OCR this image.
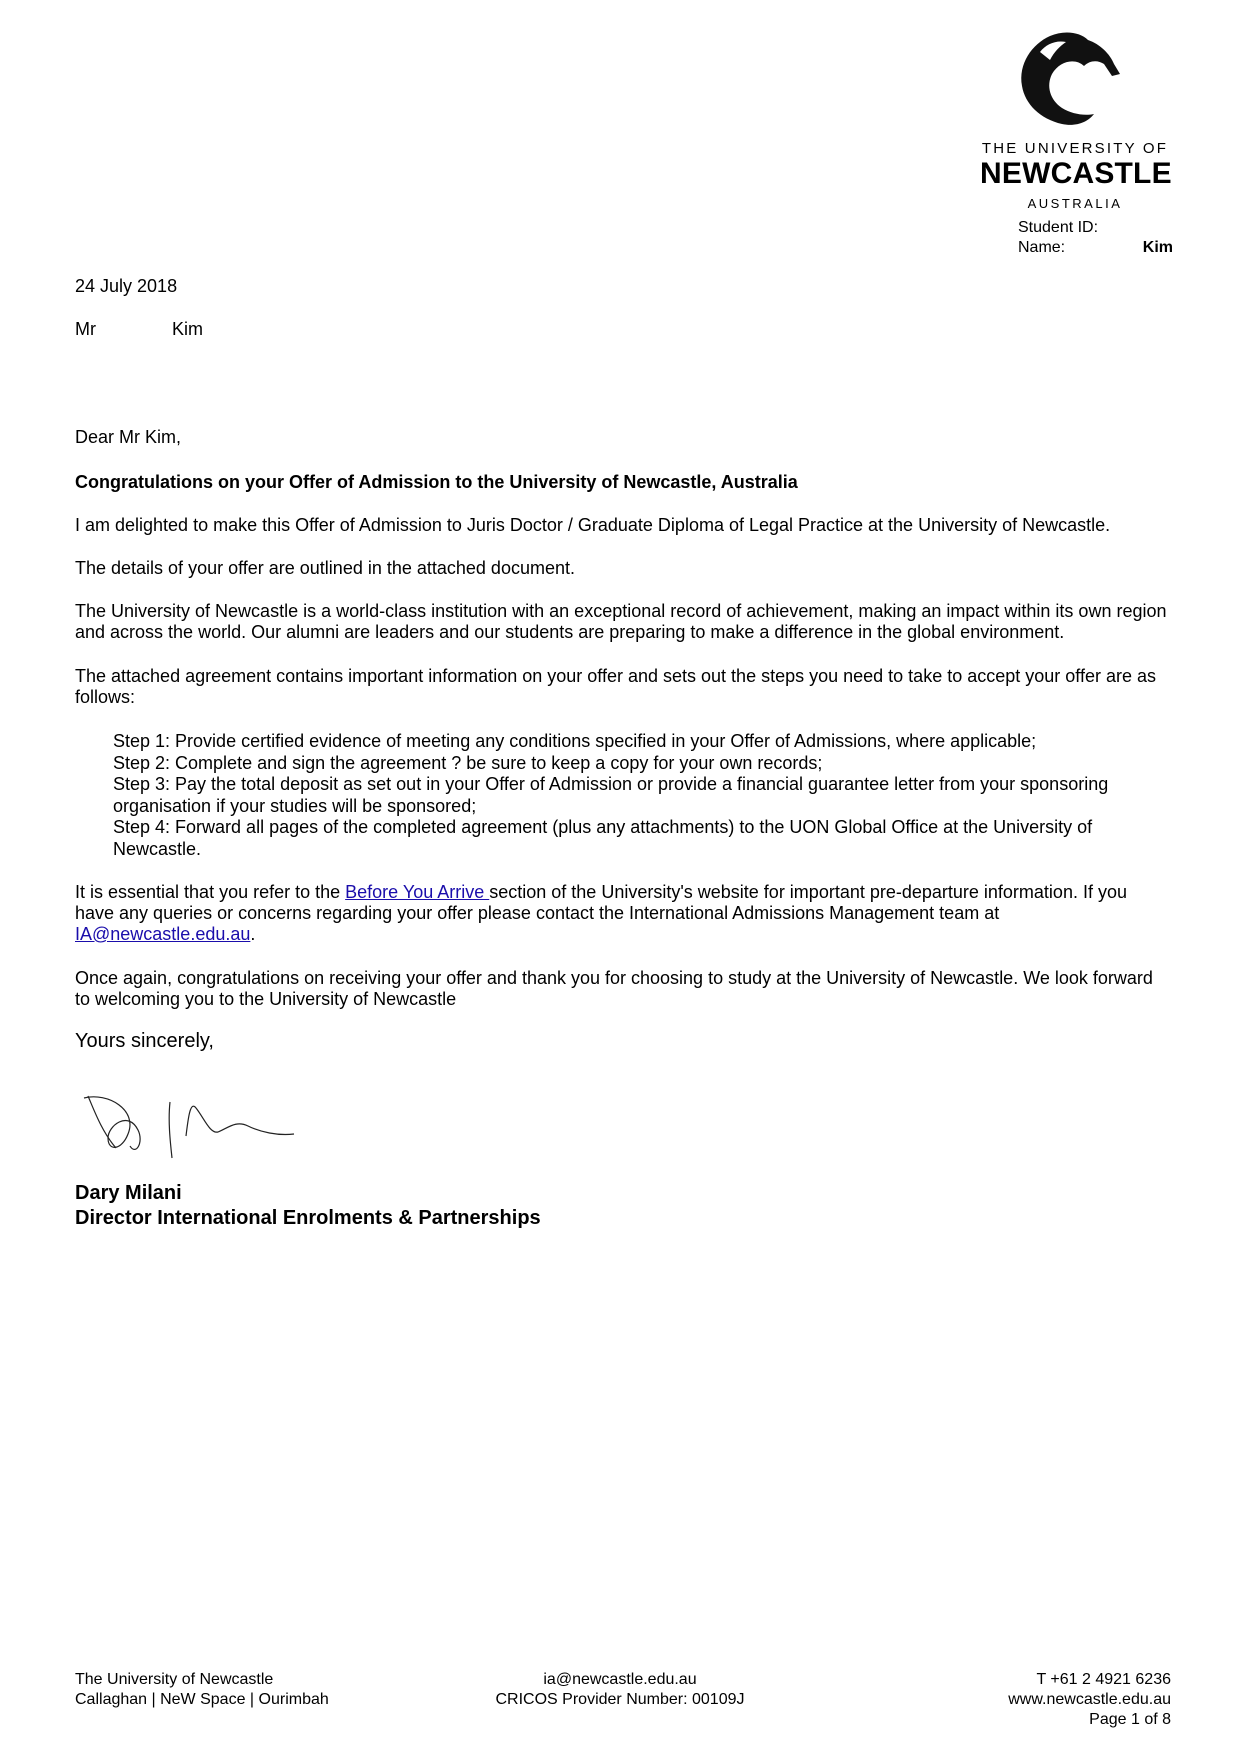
THE UNIVERSITY OF
NEWCASTLE
AUSTRALIA
Student ID:
Name:	Kim
24 July 2018
Mr	Kim
Dear Mr Kim,
Congratulations on your Offer of Admission to the University of Newcastle, Australia

I am delighted to make this Offer of Admission to Juris Doctor / Graduate Diploma of Legal Practice at the University of Newcastle.

The details of your offer are outlined in the attached document.

The University of Newcastle is a world-class institution with an exceptional record of achievement, making an impact within its own region and across the world. Our alumni are leaders and our students are preparing to make a difference in the global environment.

The attached agreement contains important information on your offer and sets out the steps you need to take to accept your offer are as follows:

Step 1: Provide certified evidence of meeting any conditions specified in your Offer of Admissions, where applicable;
Step 2: Complete and sign the agreement ? be sure to keep a copy for your own records;
Step 3: Pay the total deposit as set out in your Offer of Admission or provide a financial guarantee letter from your sponsoring organisation if your studies will be sponsored;
Step 4: Forward all pages of the completed agreement (plus any attachments) to the UON Global Office at the University of Newcastle.

It is essential that you refer to the Before You Arrive section of the University's website for important pre-departure information. If you have any queries or concerns regarding your offer please contact the International Admissions Management team at IA@newcastle.edu.au.

Once again, congratulations on receiving your offer and thank you for choosing to study at the University of Newcastle. We look forward to welcoming you to the University of Newcastle

Yours sincerely,
Dary Milani
Director International Enrolments & Partnerships
The University of Newcastle
Callaghan | NeW Space | Ourimbah
ia@newcastle.edu.au
CRICOS Provider Number: 00109J
T +61 2 4921 6236
www.newcastle.edu.au
Page 1 of 8
